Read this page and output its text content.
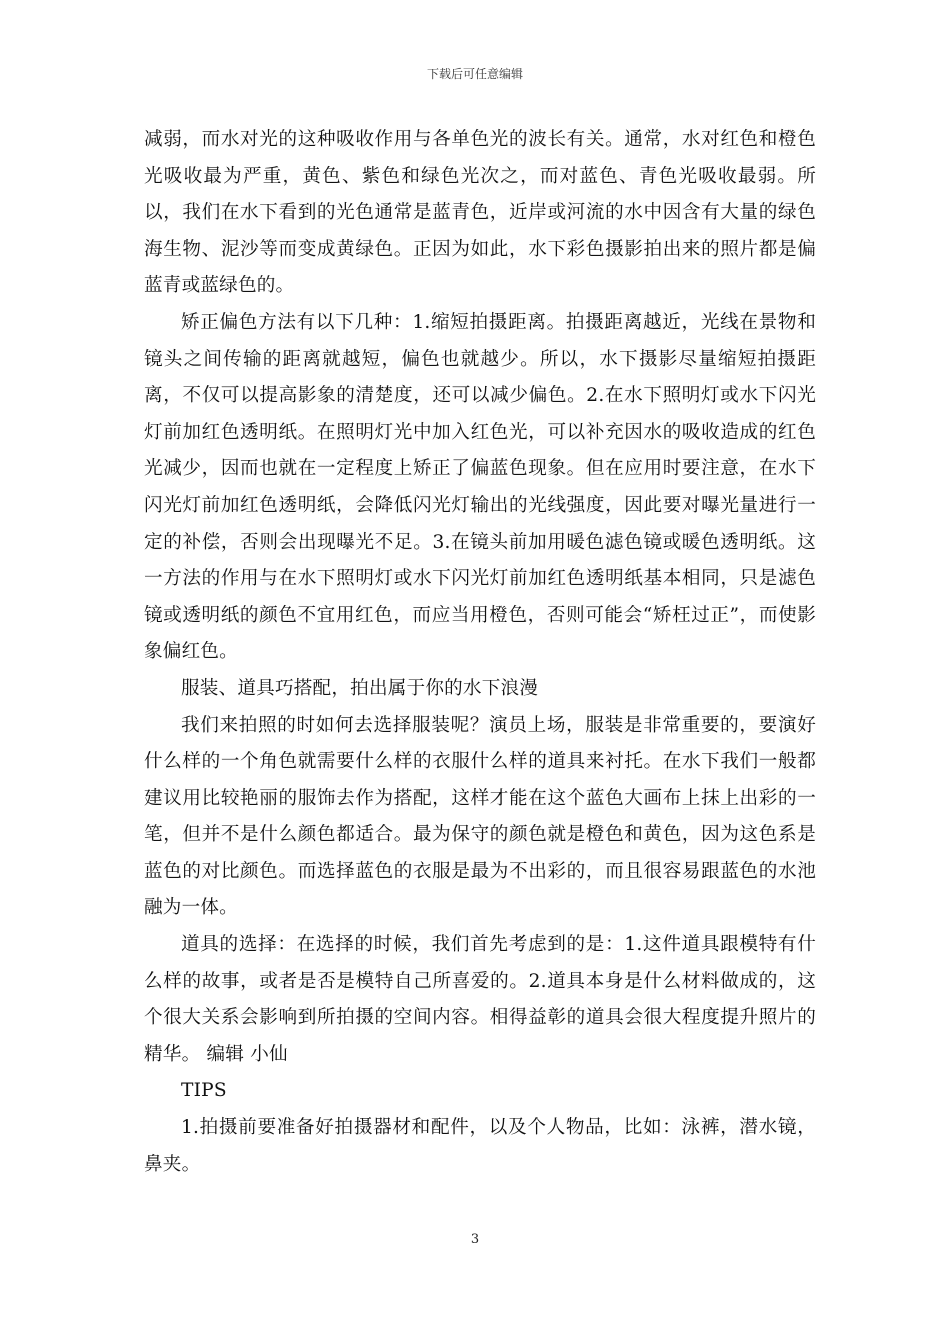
下载后可任意编辑

减弱，而水对光的这种吸收作用与各单色光的波长有关。通常，水对红色和橙色光吸收最为严重，黄色、紫色和绿色光次之，而对蓝色、青色光吸收最弱。所以，我们在水下看到的光色通常是蓝青色，近岸或河流的水中因含有大量的绿色海生物、泥沙等而变成黄绿色。正因为如此，水下彩色摄影拍出来的照片都是偏蓝青或蓝绿色的。

矫正偏色方法有以下几种：1.缩短拍摄距离。拍摄距离越近，光线在景物和镜头之间传输的距离就越短，偏色也就越少。所以，水下摄影尽量缩短拍摄距离，不仅可以提高影象的清楚度，还可以减少偏色。2.在水下照明灯或水下闪光灯前加红色透明纸。在照明灯光中加入红色光，可以补充因水的吸收造成的红色光减少，因而也就在一定程度上矫正了偏蓝色现象。但在应用时要注意，在水下闪光灯前加红色透明纸，会降低闪光灯输出的光线强度，因此要对曝光量进行一定的补偿，否则会出现曝光不足。3.在镜头前加用暖色滤色镜或暖色透明纸。这一方法的作用与在水下照明灯或水下闪光灯前加红色透明纸基本相同，只是滤色镜或透明纸的颜色不宜用红色，而应当用橙色，否则可能会“矫枉过正”，而使影象偏红色。

服装、道具巧搭配，拍出属于你的水下浪漫

我们来拍照的时如何去选择服装呢？演员上场，服装是非常重要的，要演好什么样的一个角色就需要什么样的衣服什么样的道具来衬托。在水下我们一般都建议用比较艳丽的服饰去作为搭配，这样才能在这个蓝色大画布上抹上出彩的一笔，但并不是什么颜色都适合。最为保守的颜色就是橙色和黄色，因为这色系是蓝色的对比颜色。而选择蓝色的衣服是最为不出彩的，而且很容易跟蓝色的水池融为一体。

道具的选择：在选择的时候，我们首先考虑到的是：1.这件道具跟模特有什么样的故事，或者是否是模特自己所喜爱的。2.道具本身是什么材料做成的，这个很大关系会影响到所拍摄的空间内容。相得益彰的道具会很大程度提升照片的精华。 编辑 小仙

TIPS

1.拍摄前要准备好拍摄器材和配件，以及个人物品，比如：泳裤，潜水镜，鼻夹。

3
